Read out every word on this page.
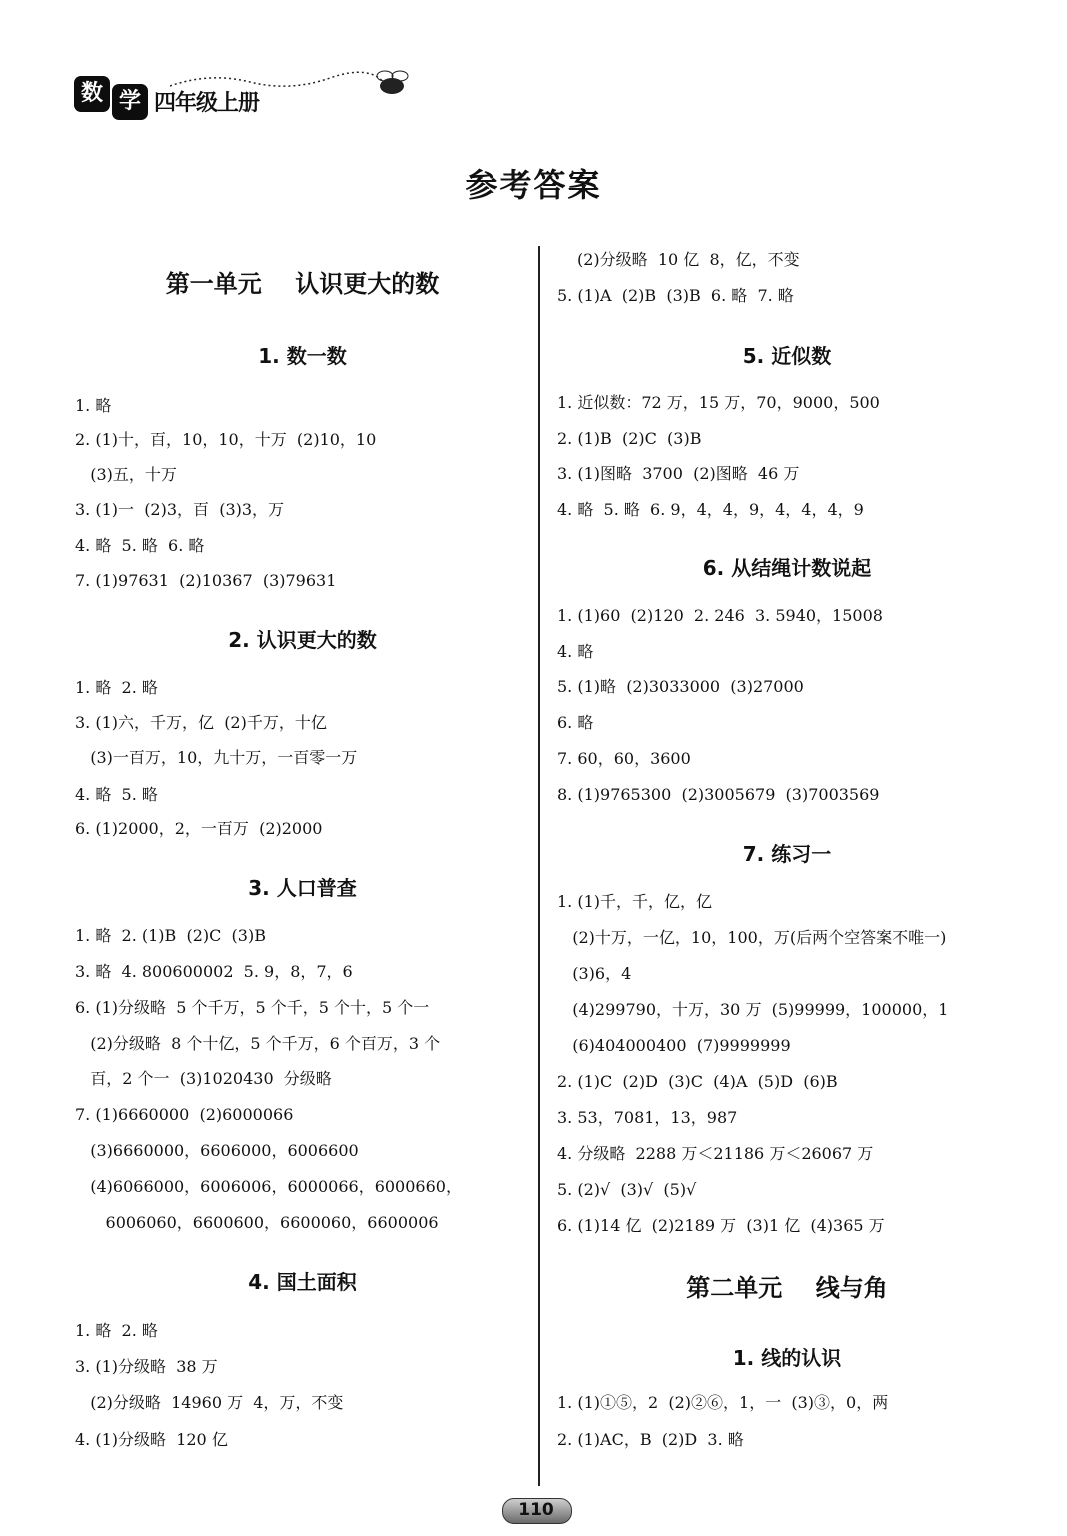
数 学 四年级上册
参考答案
第一单元    认识更大的数
1. 数一数
1. 略
2. (1)十，百，10，10，十万  (2)10，10
(3)五，十万
3. (1)一  (2)3，百  (3)3，万
4. 略  5. 略  6. 略
7. (1)97631  (2)10367  (3)79631
2. 认识更大的数
1. 略  2. 略
3. (1)六，千万，亿  (2)千万，十亿
(3)一百万，10，九十万，一百零一万
4. 略  5. 略
6. (1)2000，2，一百万  (2)2000
3. 人口普查
1. 略  2. (1)B  (2)C  (3)B
3. 略  4. 800600002  5. 9，8，7，6
6. (1)分级略  5 个千万，5 个千，5 个十，5 个一
(2)分级略  8 个十亿，5 个千万，6 个百万，3 个
百，2 个一  (3)1020430  分级略
7. (1)6660000  (2)6000066
(3)6660000，6606000，6006600
(4)6066000，6006006，6000066，6000660，
6006060，6600600，6600060，6600006
4. 国土面积
1. 略  2. 略
3. (1)分级略  38 万
(2)分级略  14960 万  4，万，不变
4. (1)分级略  120 亿
(2)分级略  10 亿  8，亿，不变
5. (1)A  (2)B  (3)B  6. 略  7. 略
5. 近似数
1. 近似数：72 万，15 万，70，9000，500
2. (1)B  (2)C  (3)B
3. (1)图略  3700  (2)图略  46 万
4. 略  5. 略  6. 9，4，4，9，4，4，4，9
6. 从结绳计数说起
1. (1)60  (2)120  2. 246  3. 5940，15008
4. 略
5. (1)略  (2)3033000  (3)27000
6. 略
7. 60，60，3600
8. (1)9765300  (2)3005679  (3)7003569
7. 练习一
1. (1)千，千，亿，亿
(2)十万，一亿，10，100，万(后两个空答案不唯一)
(3)6，4
(4)299790，十万，30 万  (5)99999，100000，1
(6)404000400  (7)9999999
2. (1)C  (2)D  (3)C  (4)A  (5)D  (6)B
3. 53，7081，13，987
4. 分级略  2288 万＜21186 万＜26067 万
5. (2)√  (3)√  (5)√
6. (1)14 亿  (2)2189 万  (3)1 亿  (4)365 万
第二单元    线与角
1. 线的认识
1. (1)①⑤，2  (2)②⑥，1，一  (3)③，0，两
2. (1)AC，B  (2)D  3. 略
110
